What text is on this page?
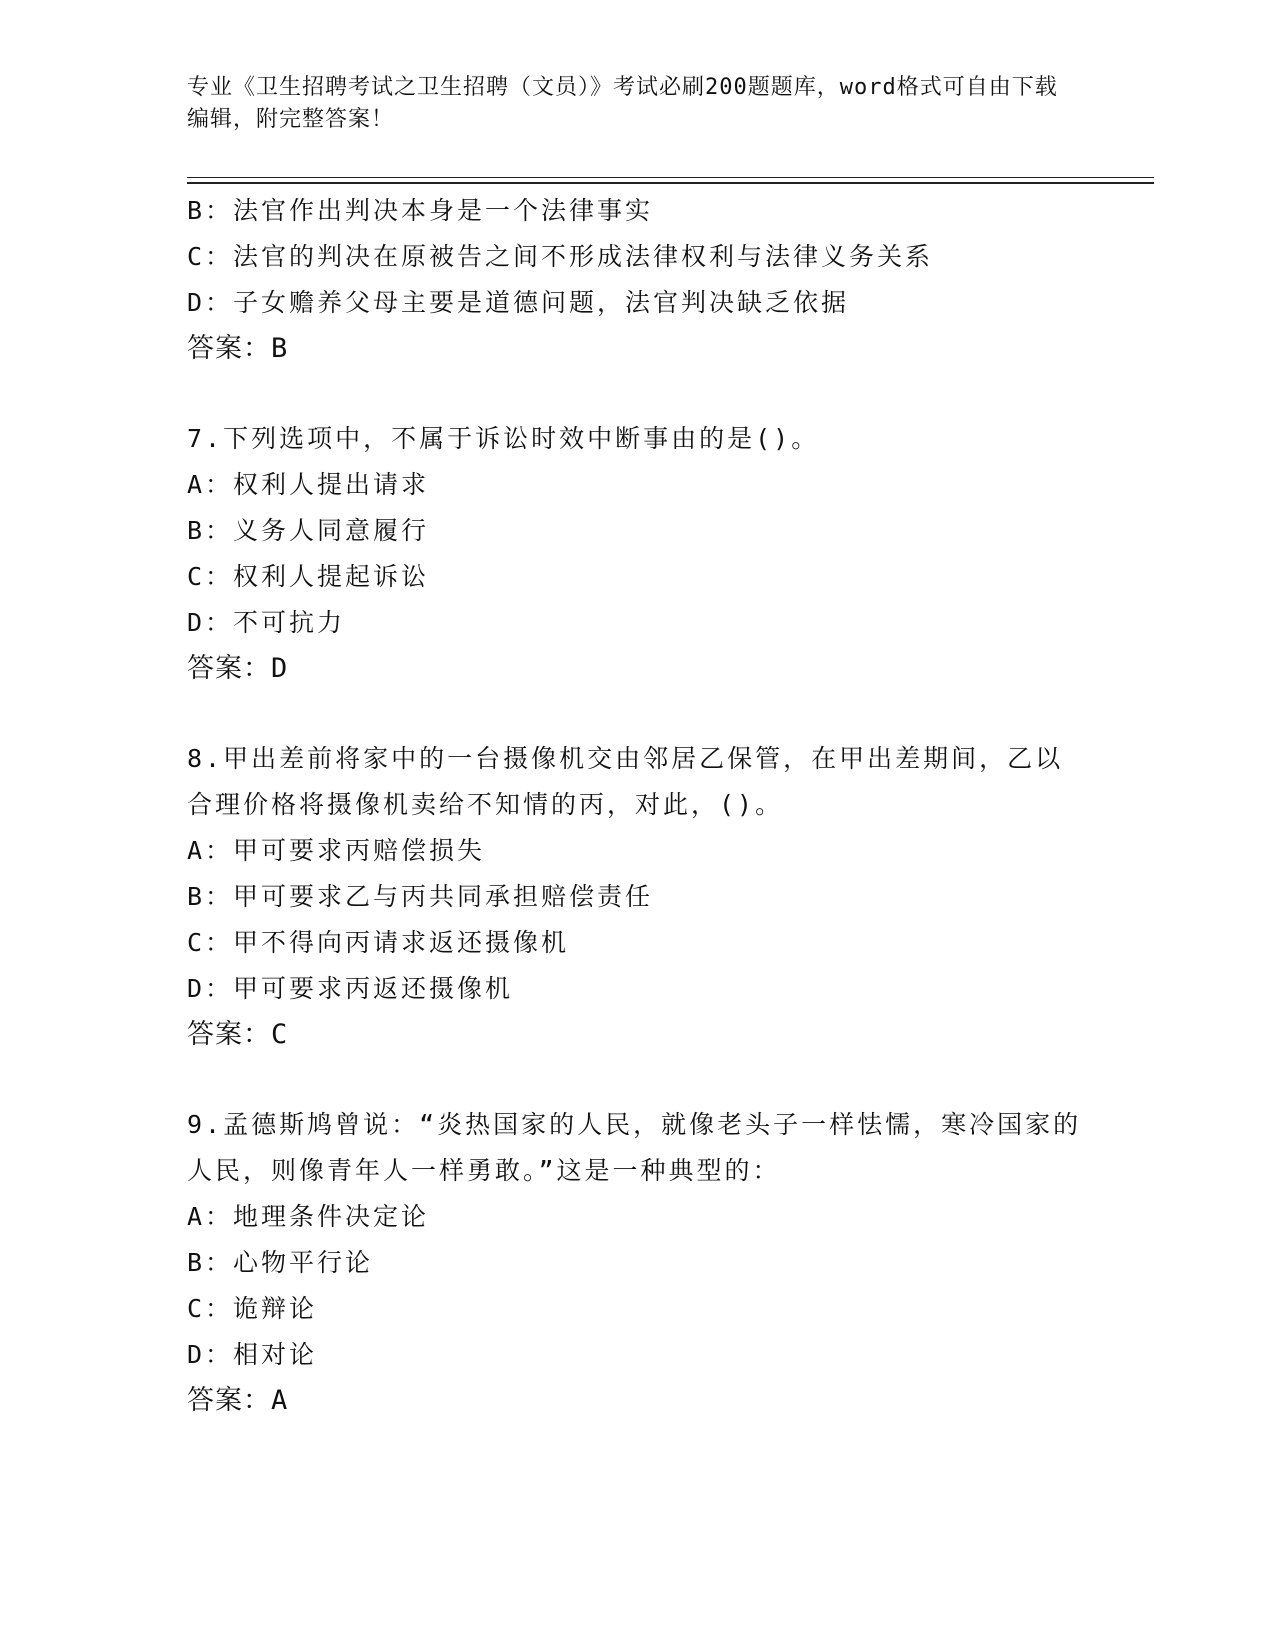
专业《卫生招聘考试之卫生招聘（文员）》考试必刷200题题库，word格式可自由下载编辑，附完整答案！
B：法官作出判决本身是一个法律事实
C：法官的判决在原被告之间不形成法律权利与法律义务关系
D：子女赡养父母主要是道德问题，法官判决缺乏依据
答案：B
7.下列选项中，不属于诉讼时效中断事由的是()。
A：权利人提出请求
B：义务人同意履行
C：权利人提起诉讼
D：不可抗力
答案：D
8.甲出差前将家中的一台摄像机交由邻居乙保管，在甲出差期间，乙以合理价格将摄像机卖给不知情的丙，对此，()。
A：甲可要求丙赔偿损失
B：甲可要求乙与丙共同承担赔偿责任
C：甲不得向丙请求返还摄像机
D：甲可要求丙返还摄像机
答案：C
9.孟德斯鸠曾说：“炎热国家的人民，就像老头子一样怯懦，寒冷国家的人民，则像青年人一样勇敢。”这是一种典型的：
A：地理条件决定论
B：心物平行论
C：诡辩论
D：相对论
答案：A
